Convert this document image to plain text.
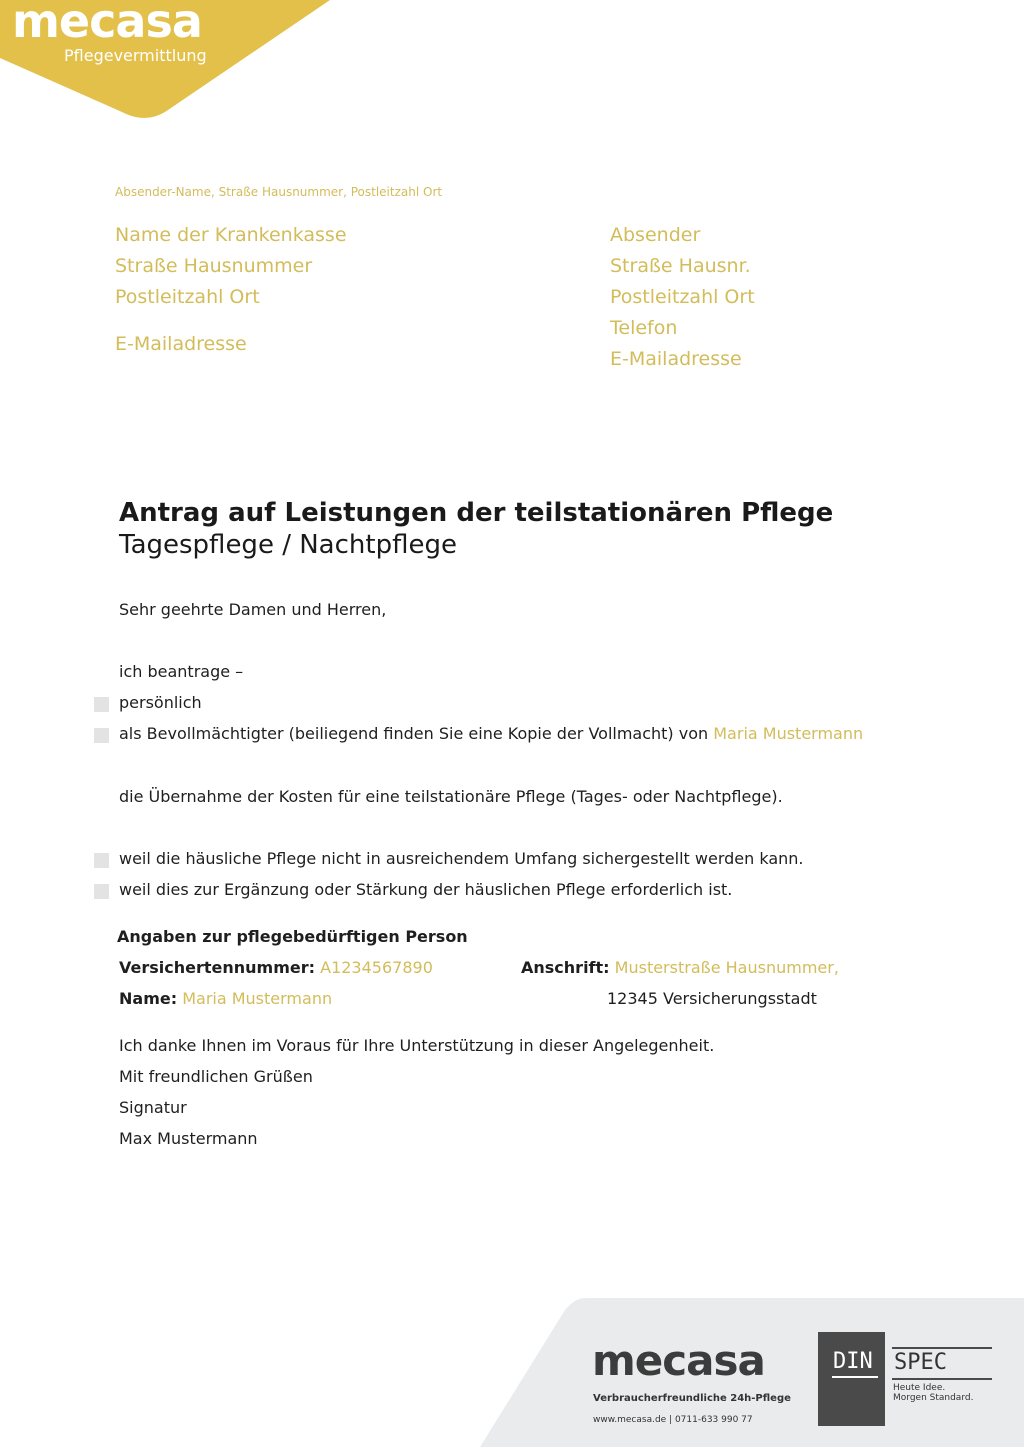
mecasa
Pflegevermittlung
Absender-Name, Straße Hausnummer, Postleitzahl Ort
Name der Krankenkasse
Straße Hausnummer
Postleitzahl Ort
E-Mailadresse
Absender
Straße Hausnr.
Postleitzahl Ort
Telefon
E-Mailadresse
Antrag auf Leistungen der teilstationären Pflege
Tagespflege / Nachtpflege
Sehr geehrte Damen und Herren,
ich beantrage –
persönlich
als Bevollmächtigter (beiliegend finden Sie eine Kopie der Vollmacht) von Maria Mustermann
die Übernahme der Kosten für eine teilstationäre Pflege (Tages- oder Nachtpflege).
weil die häusliche Pflege nicht in ausreichendem Umfang sichergestellt werden kann.
weil dies zur Ergänzung oder Stärkung der häuslichen Pflege erforderlich ist.
Angaben zur pflegebedürftigen Person
Versichertennummer: A1234567890
Name: Maria Mustermann
Anschrift: Musterstraße Hausnummer,
12345 Versicherungsstadt
Ich danke Ihnen im Voraus für Ihre Unterstützung in dieser Angelegenheit.
Mit freundlichen Grüßen
Signatur
Max Mustermann
mecasa
Verbraucherfreundliche 24h-Pflege
www.mecasa.de | 0711-633 990 77
DIN SPEC
Heute Idee.
Morgen Standard.
